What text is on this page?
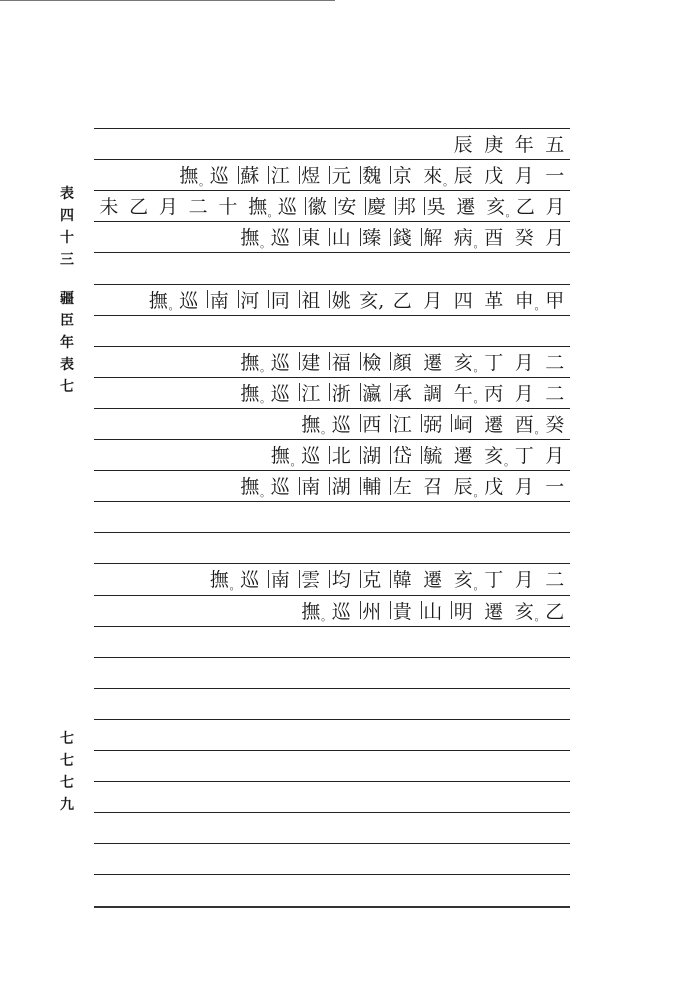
表
四
十
三
疆
臣
年
表
七
七
七
七
九
五
年
庚
辰
一
月
戊
辰
來 。
京
魏
元
煜
江
蘇
巡
撫 。
月
乙
亥 。
遷
吳
邦
慶
安
徽
巡
撫 。
十
二
月
乙
未
月
癸
酉
病 。
解
錢
臻
山
東
巡
撫 。
甲
申 。
革
四
月
乙
亥,
姚
祖
同
河
南
巡
撫 。
二
月
丁
亥 。
遷
顏
檢
福
建
巡
撫 。
二
月
丙
午 。
調
承
瀛
浙
江
巡
撫 。
癸
酉 。
遷
㟃
弼
江
西
巡
撫 。
月
丁
亥 。
遷
毓
岱
湖
北
巡
撫 。
一
月
戊
辰 。
召
左
輔
湖
南
巡
撫 。
二
月
丁
亥 。
遷
韓
克
均
雲
南
巡
撫 。
乙
亥 。
遷
明
山
貴
州
巡
撫 。
